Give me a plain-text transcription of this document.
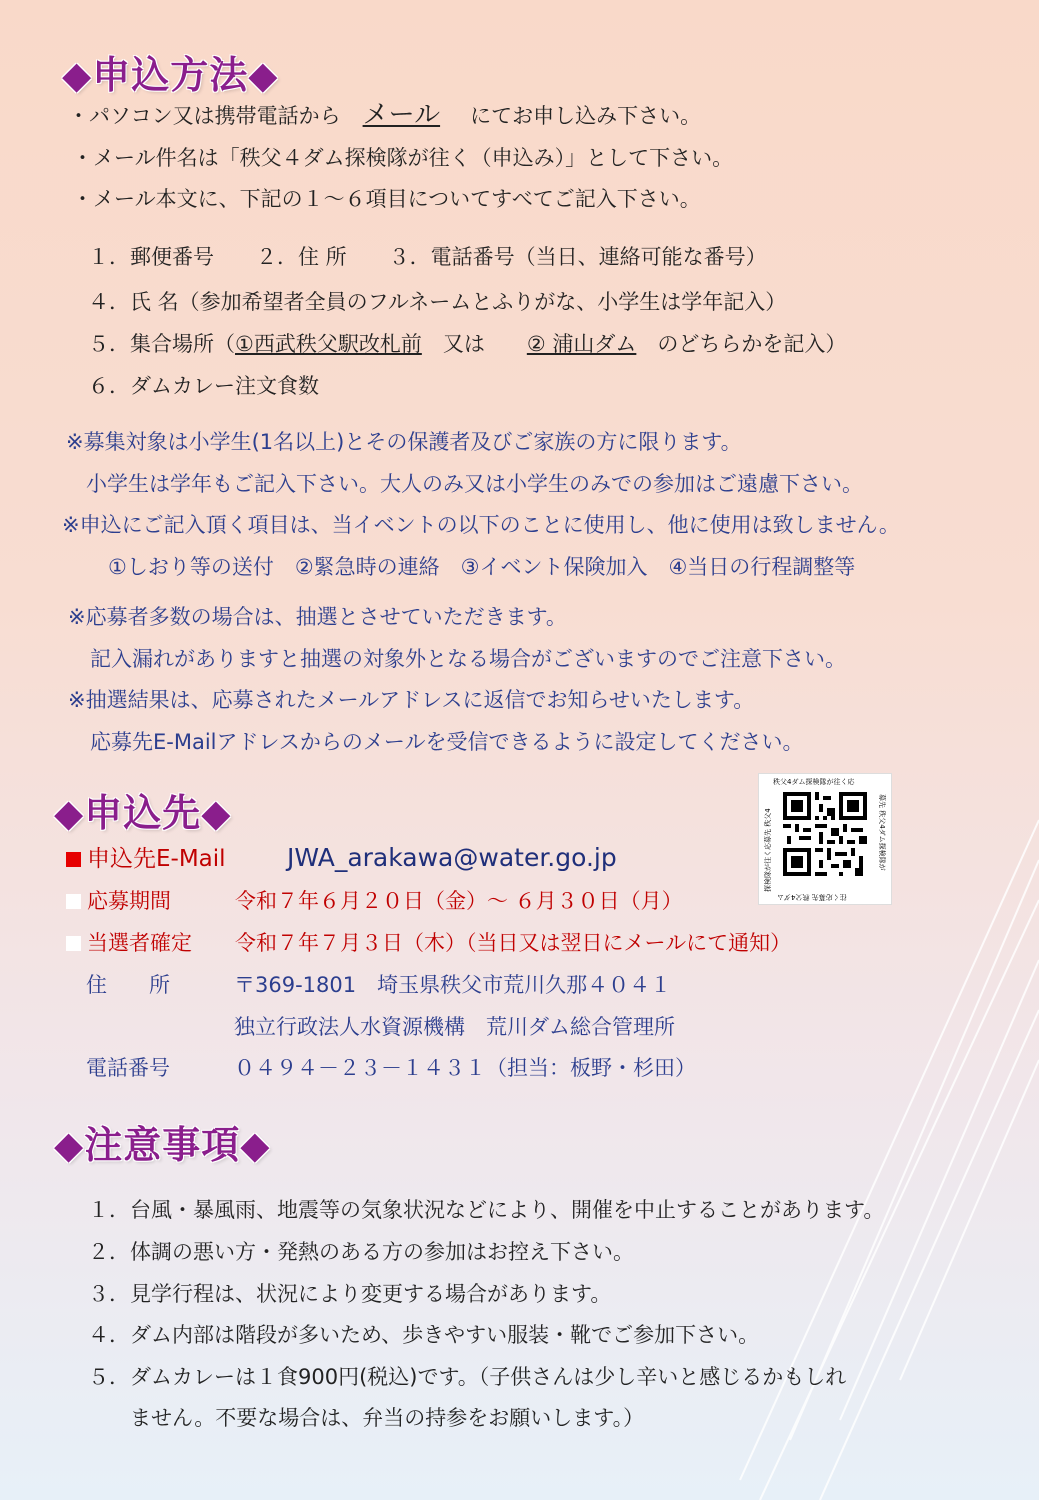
◆申込方法◆
・パソコン又は携帯電話から メール にてお申し込み下さい。
・メール件名は「秩父４ダム探検隊が往く（申込み）」として下さい。
・メール本文に、下記の１～６項目についてすべてご記入下さい。
１．郵便番号　　２．住 所　　３．電話番号（当日、連絡可能な番号）
４．氏 名（参加希望者全員のフルネームとふりがな、小学生は学年記入）
５．集合場所（①西武秩父駅改札前　又は　　② 浦山ダム　のどちらかを記入）
６．ダムカレー注文食数
※募集対象は小学生(1名以上)とその保護者及びご家族の方に限ります。
小学生は学年もご記入下さい。大人のみ又は小学生のみでの参加はご遠慮下さい。
※申込にご記入頂く項目は、当イベントの以下のことに使用し、他に使用は致しません。
①しおり等の送付　②緊急時の連絡　③イベント保険加入　④当日の行程調整等
※応募者多数の場合は、抽選とさせていただきます。
記入漏れがありますと抽選の対象外となる場合がございますのでご注意下さい。
※抽選結果は、応募されたメールアドレスに返信でお知らせいたします。
応募先E-Mailアドレスからのメールを受信できるように設定してください。
◆申込先◆
申込先E-Mail JWA_arakawa@water.go.jp
応募期間	令和７年６月２０日（金）～ ６月３０日（月）
当選者確定 令和７年７月３日（木）（当日又は翌日にメールにて通知）
住　　所	〒369-1801　埼玉県秩父市荒川久那４０４１
独立行政法人水資源機構　荒川ダム総合管理所
電話番号	０４９４－２３－１４３１（担当：板野・杉田）
秩父4ダム探検隊が往く応
募先 秩父4ダム探検隊が
往く応募先 秩父4ダム
探検隊が往く応募先 秩父4
◆注意事項◆
１．台風・暴風雨、地震等の気象状況などにより、開催を中止することがあります。
２．体調の悪い方・発熱のある方の参加はお控え下さい。
３．見学行程は、状況により変更する場合があります。
４．ダム内部は階段が多いため、歩きやすい服装・靴でご参加下さい。
５．ダムカレーは１食900円(税込)です。（子供さんは少し辛いと感じるかもしれ
ません。不要な場合は、弁当の持参をお願いします。）
